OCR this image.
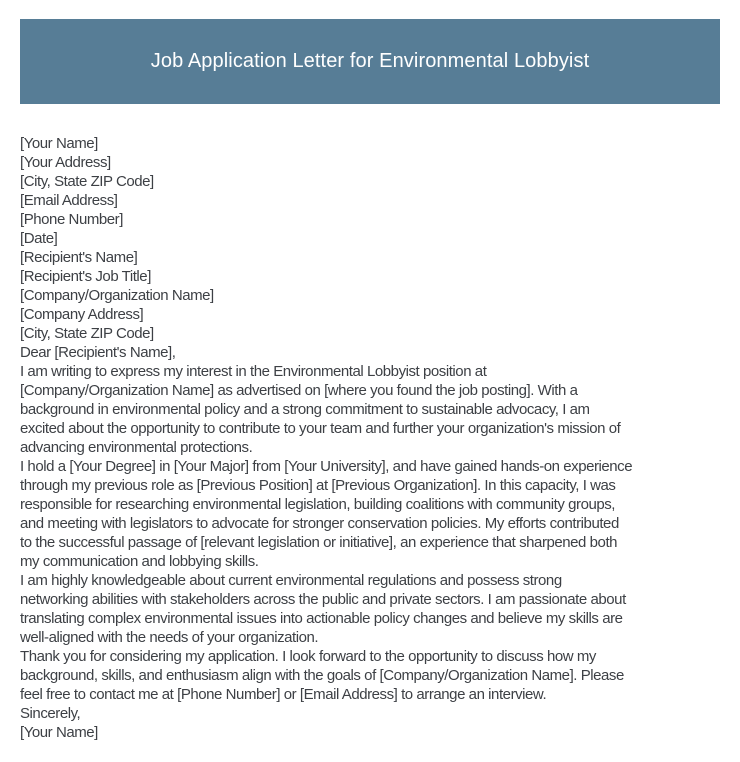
Job Application Letter for Environmental Lobbyist
[Your Name]
[Your Address]
[City, State ZIP Code]
[Email Address]
[Phone Number]
[Date]
[Recipient's Name]
[Recipient's Job Title]
[Company/Organization Name]
[Company Address]
[City, State ZIP Code]
Dear [Recipient's Name],
I am writing to express my interest in the Environmental Lobbyist position at
[Company/Organization Name] as advertised on [where you found the job posting]. With a
background in environmental policy and a strong commitment to sustainable advocacy, I am
excited about the opportunity to contribute to your team and further your organization's mission of
advancing environmental protections.
I hold a [Your Degree] in [Your Major] from [Your University], and have gained hands-on experience
through my previous role as [Previous Position] at [Previous Organization]. In this capacity, I was
responsible for researching environmental legislation, building coalitions with community groups,
and meeting with legislators to advocate for stronger conservation policies. My efforts contributed
to the successful passage of [relevant legislation or initiative], an experience that sharpened both
my communication and lobbying skills.
I am highly knowledgeable about current environmental regulations and possess strong
networking abilities with stakeholders across the public and private sectors. I am passionate about
translating complex environmental issues into actionable policy changes and believe my skills are
well-aligned with the needs of your organization.
Thank you for considering my application. I look forward to the opportunity to discuss how my
background, skills, and enthusiasm align with the goals of [Company/Organization Name]. Please
feel free to contact me at [Phone Number] or [Email Address] to arrange an interview.
Sincerely,
[Your Name]
